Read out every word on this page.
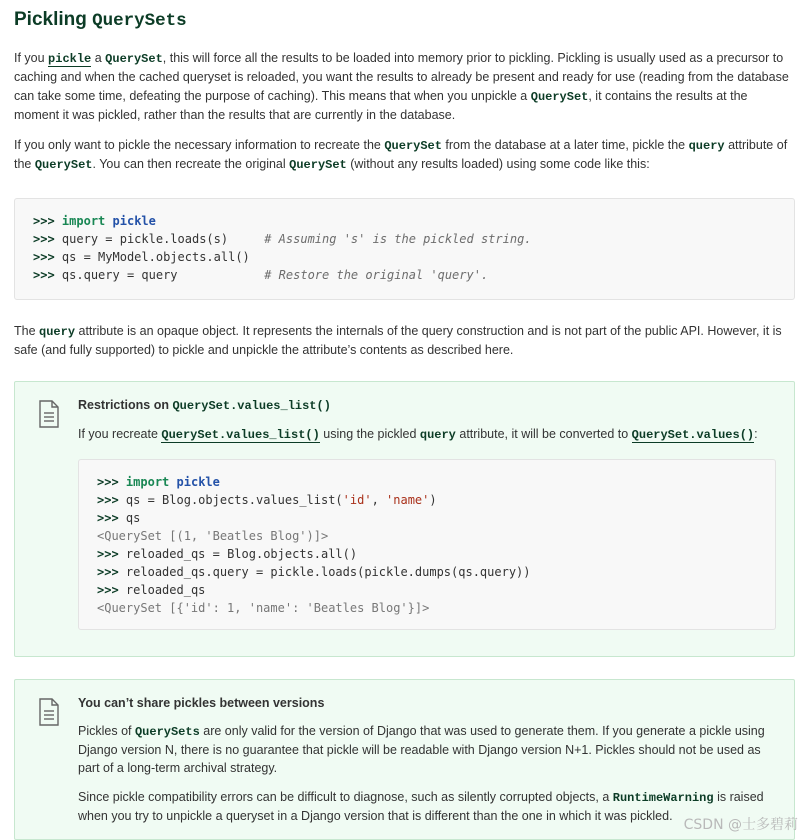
Pickling QuerySets

If you pickle a QuerySet, this will force all the results to be loaded into memory prior to pickling. Pickling is usually used as a precursor to caching and when the cached queryset is reloaded, you want the results to already be present and ready for use (reading from the database can take some time, defeating the purpose of caching). This means that when you unpickle a QuerySet, it contains the results at the moment it was pickled, rather than the results that are currently in the database.

If you only want to pickle the necessary information to recreate the QuerySet from the database at a later time, pickle the query attribute of the QuerySet. You can then recreate the original QuerySet (without any results loaded) using some code like this:

>>> import pickle
>>> query = pickle.loads(s)     # Assuming 's' is the pickled string.
>>> qs = MyModel.objects.all()
>>> qs.query = query            # Restore the original 'query'.

The query attribute is an opaque object. It represents the internals of the query construction and is not part of the public API. However, it is safe (and fully supported) to pickle and unpickle the attribute’s contents as described here.

Restrictions on QuerySet.values_list()

If you recreate QuerySet.values_list() using the pickled query attribute, it will be converted to QuerySet.values():

>>> import pickle
>>> qs = Blog.objects.values_list('id', 'name')
>>> qs
<QuerySet [(1, 'Beatles Blog')]>
>>> reloaded_qs = Blog.objects.all()
>>> reloaded_qs.query = pickle.loads(pickle.dumps(qs.query))
>>> reloaded_qs
<QuerySet [{'id': 1, 'name': 'Beatles Blog'}]>

You can’t share pickles between versions

Pickles of QuerySets are only valid for the version of Django that was used to generate them. If you generate a pickle using Django version N, there is no guarantee that pickle will be readable with Django version N+1. Pickles should not be used as part of a long-term archival strategy.

Since pickle compatibility errors can be difficult to diagnose, such as silently corrupted objects, a RuntimeWarning is raised when you try to unpickle a queryset in a Django version that is different than the one in which it was pickled.

CSDN @士多碧莉
